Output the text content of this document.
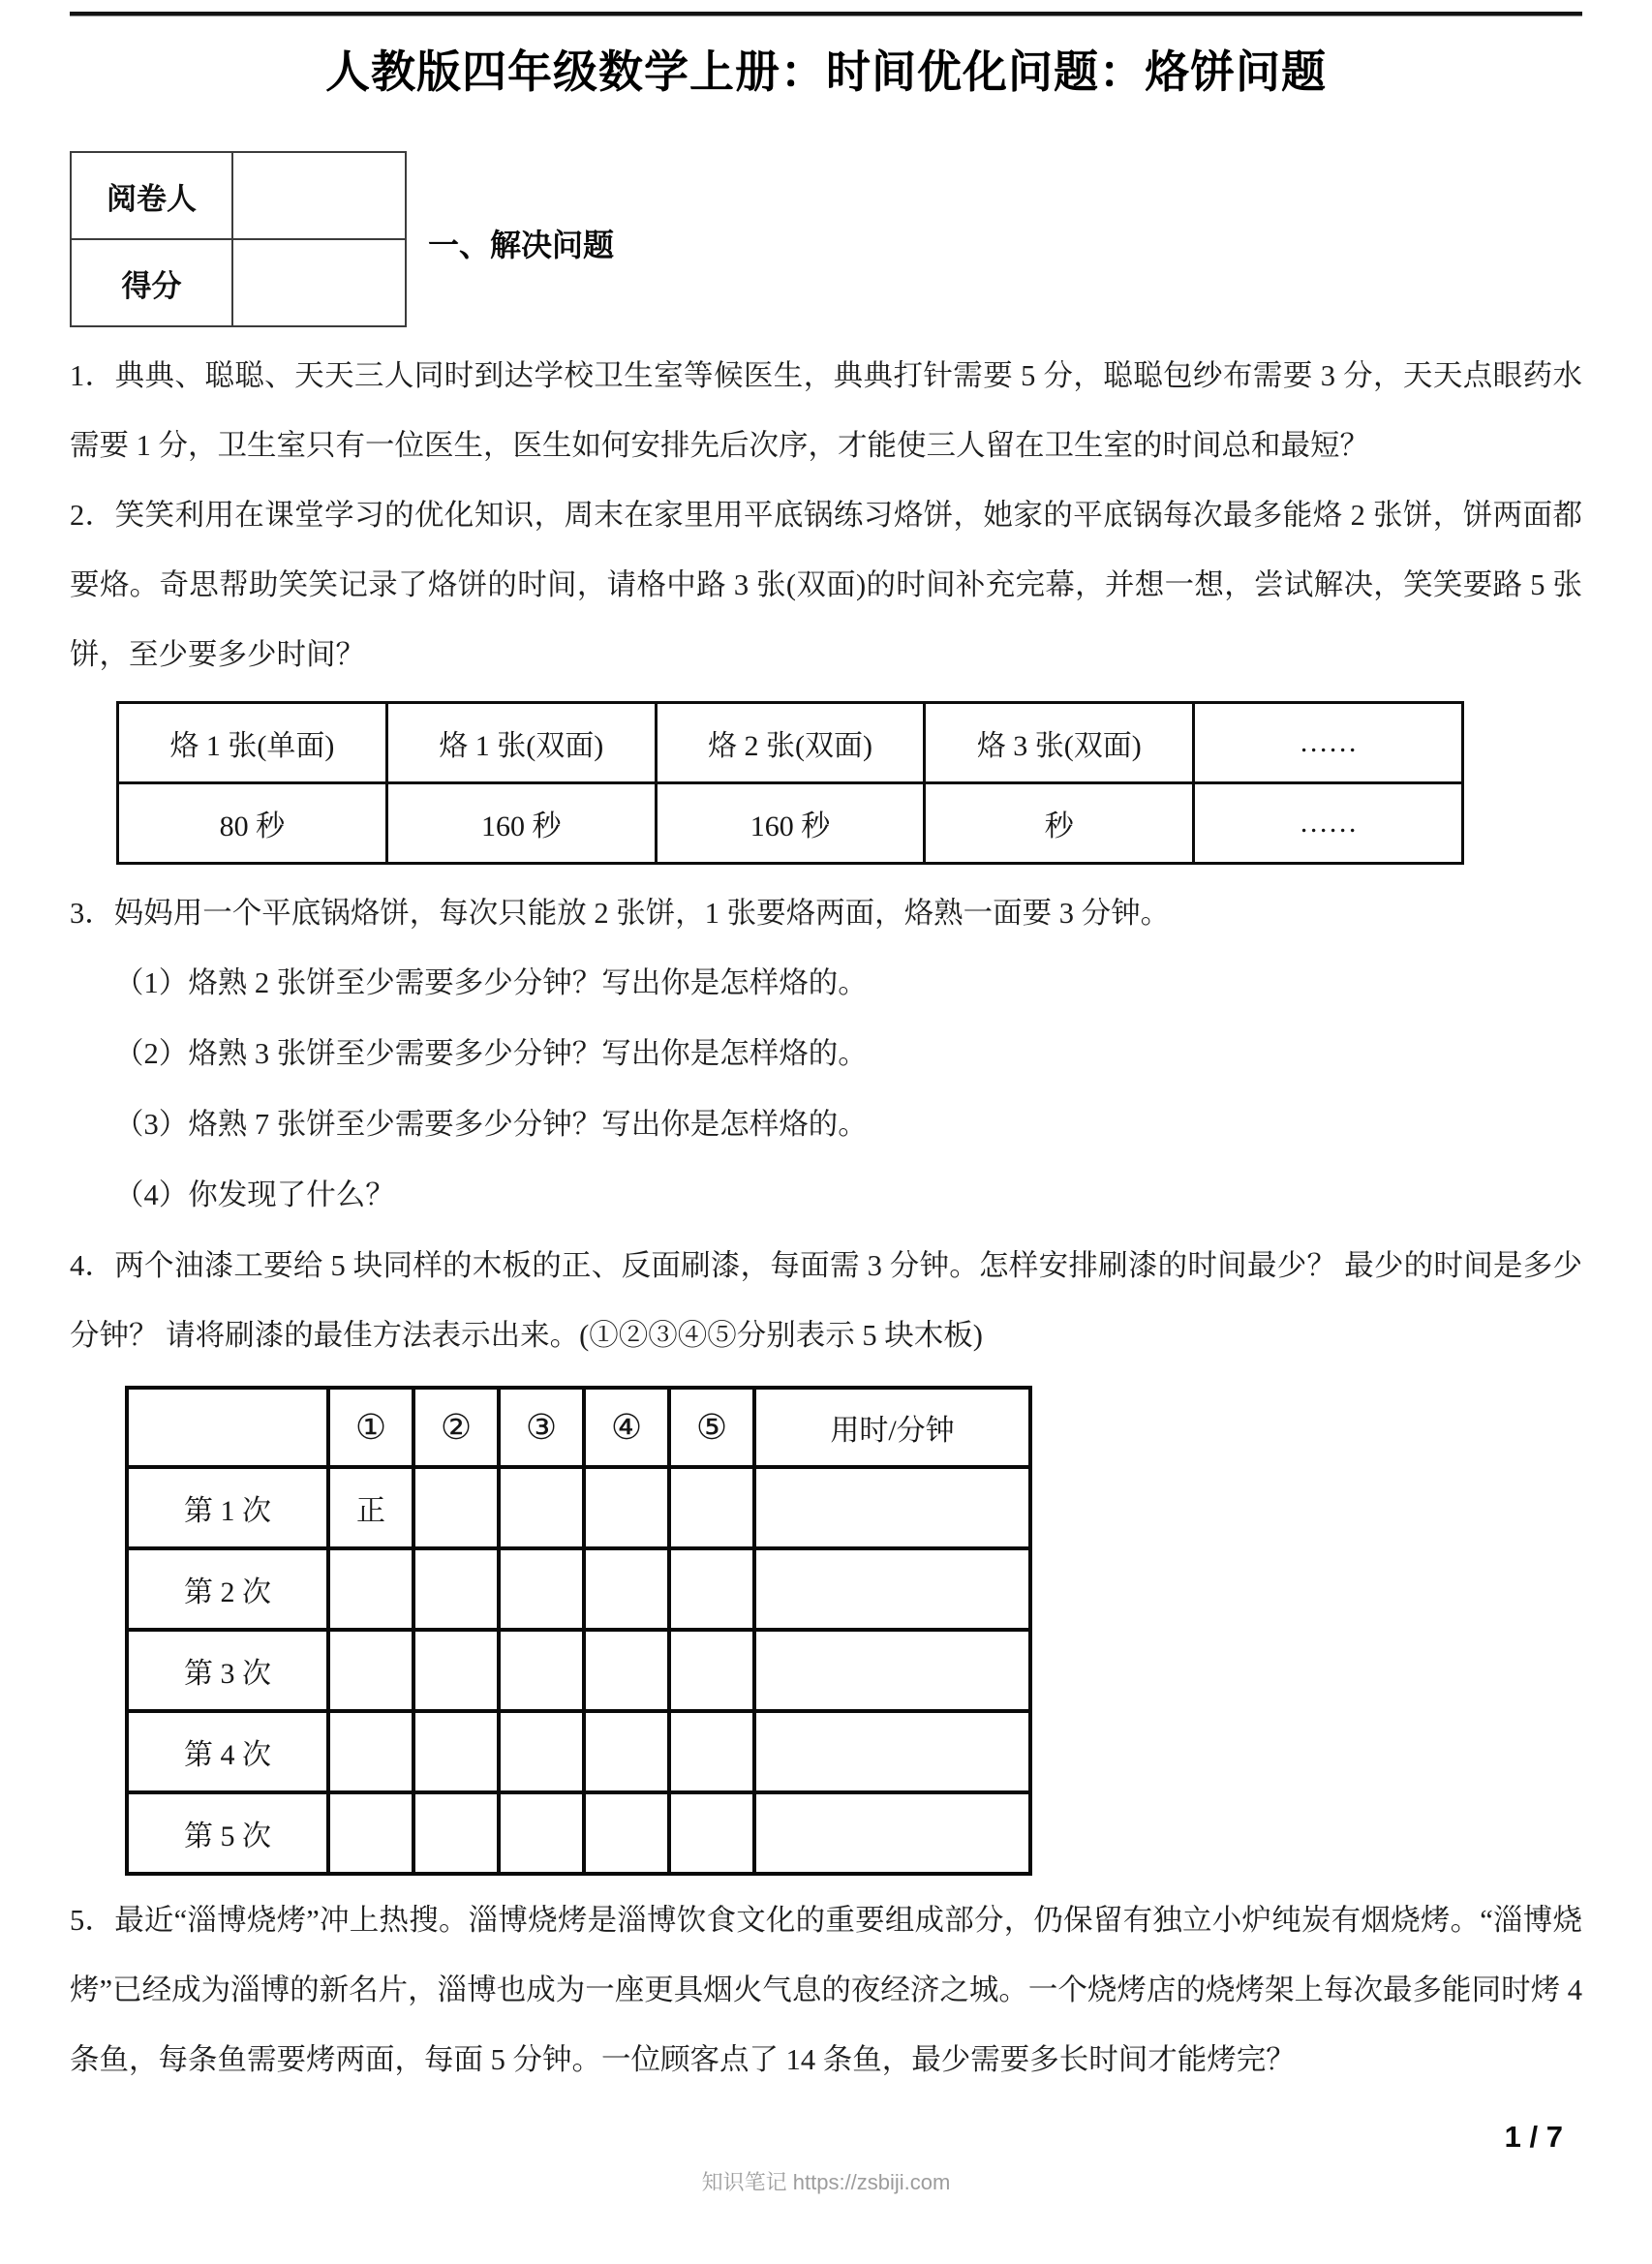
人教版四年级数学上册：时间优化问题：烙饼问题
阅卷人	
得分	
一、解决问题

1．典典、聪聪、天天三人同时到达学校卫生室等候医生，典典打针需要 5 分，聪聪包纱布需要 3 分，天天点眼药水需要 1 分，卫生室只有一位医生，医生如何安排先后次序，才能使三人留在卫生室的时间总和最短？

2．笑笑利用在课堂学习的优化知识，周末在家里用平底锅练习烙饼，她家的平底锅每次最多能烙 2 张饼，饼两面都要烙。奇思帮助笑笑记录了烙饼的时间，请格中路 3 张(双面)的时间补充完幕，并想一想，尝试解决，笑笑要路 5 张饼，至少要多少时间？

烙 1 张(单面)	烙 1 张(双面)	烙 2 张(双面)	烙 3 张(双面)	……
80 秒	160 秒	160 秒	秒	……

3．妈妈用一个平底锅烙饼，每次只能放 2 张饼，1 张要烙两面，烙熟一面要 3 分钟。

（1）烙熟 2 张饼至少需要多少分钟？写出你是怎样烙的。

（2）烙熟 3 张饼至少需要多少分钟？写出你是怎样烙的。

（3）烙熟 7 张饼至少需要多少分钟？写出你是怎样烙的。

（4）你发现了什么？

4．两个油漆工要给 5 块同样的木板的正、反面刷漆，每面需 3 分钟。怎样安排刷漆的时间最少？ 最少的时间是多少分钟？ 请将刷漆的最佳方法表示出来。(①②③④⑤分别表示 5 块木板)

	①	②	③	④	⑤	用时/分钟
第 1 次	正					
第 2 次						
第 3 次						
第 4 次						
第 5 次						

5．最近“淄博烧烤”冲上热搜。淄博烧烤是淄博饮食文化的重要组成部分，仍保留有独立小炉纯炭有烟烧烤。“淄博烧烤”已经成为淄博的新名片，淄博也成为一座更具烟火气息的夜经济之城。一个烧烤店的烧烤架上每次最多能同时烤 4 条鱼，每条鱼需要烤两面，每面 5 分钟。一位顾客点了 14 条鱼，最少需要多长时间才能烤完？

1 / 7
知识笔记 https://zsbiji.com
